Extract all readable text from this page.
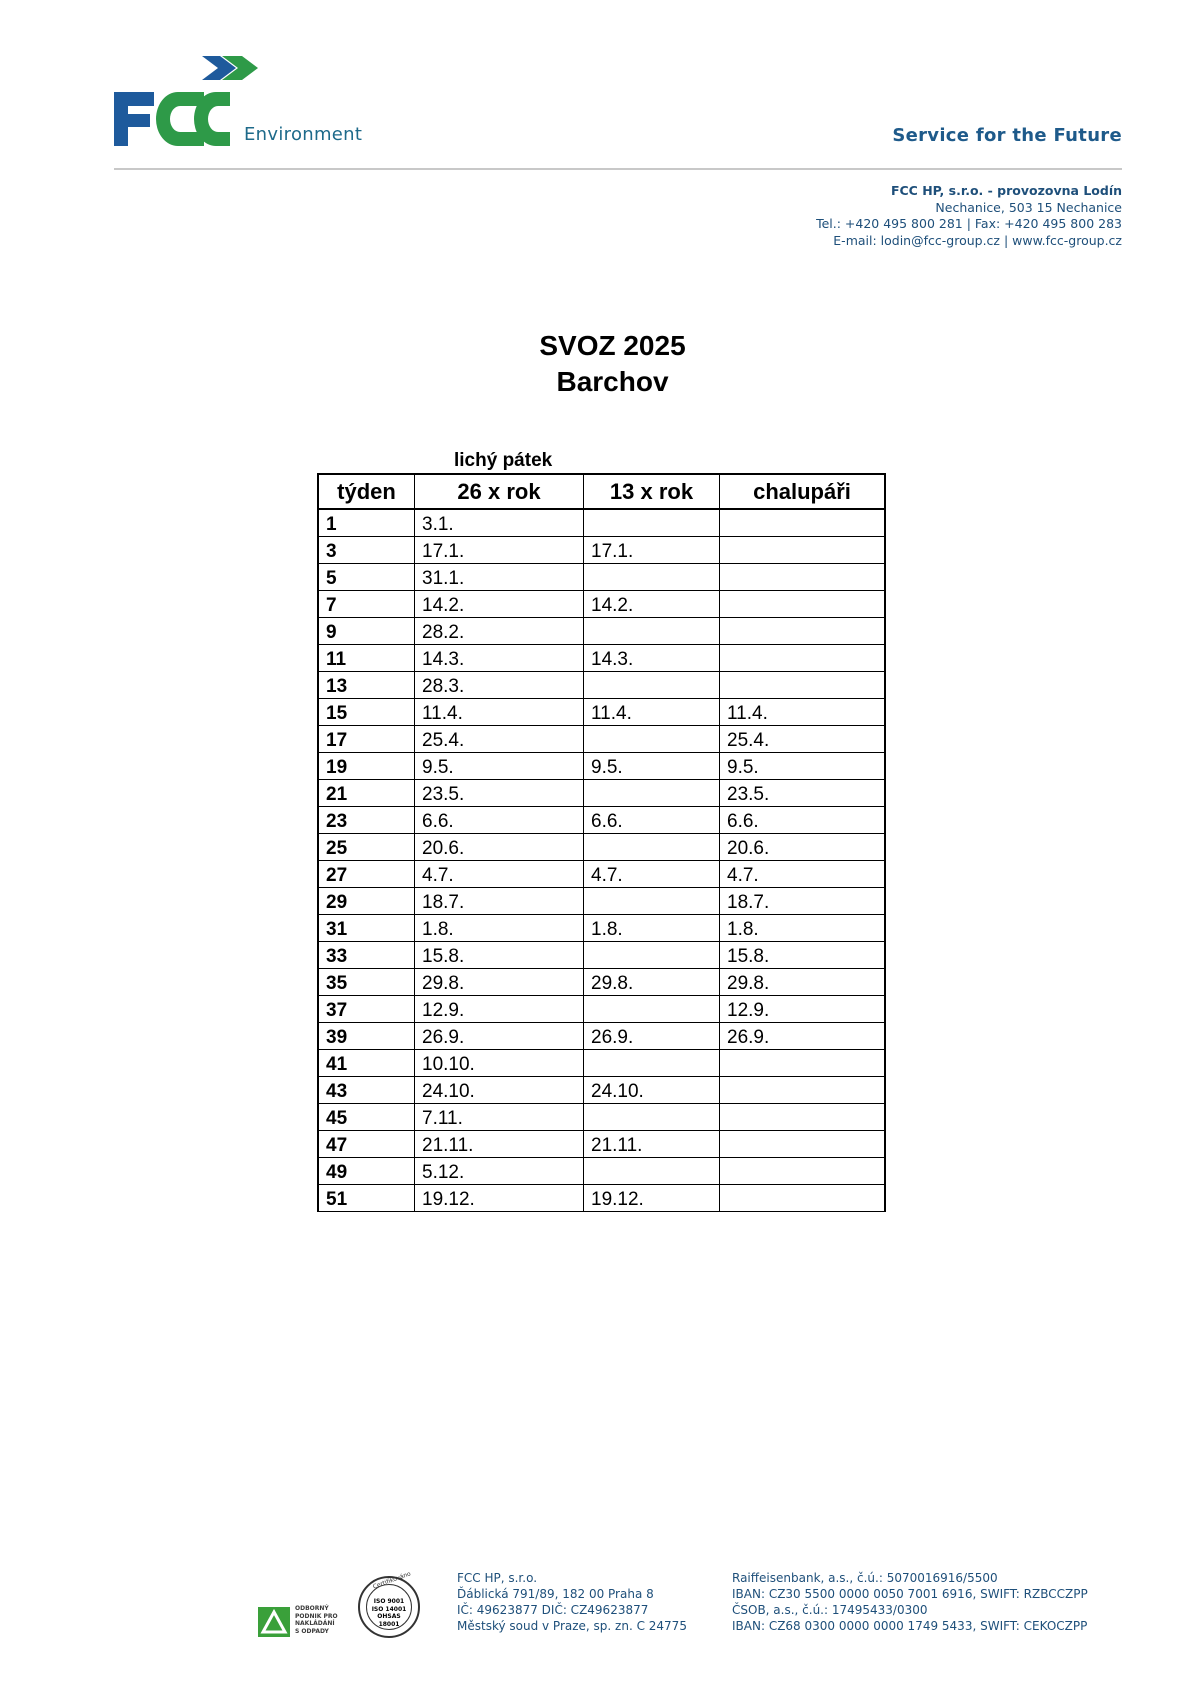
Environment	Service for the Future
FCC HP, s.r.o. - provozovna Lodín
Nechanice, 503 15 Nechanice
Tel.: +420 495 800 281 | Fax: +420 495 800 283
E-mail: lodin@fcc-group.cz | www.fcc-group.cz
SVOZ 2025
Barchov
lichý pátek
týden	26 x rok	13 x rok	chalupáři
1	3.1.		
3	17.1.	17.1.	
5	31.1.		
7	14.2.	14.2.	
9	28.2.		
11	14.3.	14.3.	
13	28.3.		
15	11.4.	11.4.	11.4.
17	25.4.		25.4.
19	9.5.	9.5.	9.5.
21	23.5.		23.5.
23	6.6.	6.6.	6.6.
25	20.6.		20.6.
27	4.7.	4.7.	4.7.
29	18.7.		18.7.
31	1.8.	1.8.	1.8.
33	15.8.		15.8.
35	29.8.	29.8.	29.8.
37	12.9.		12.9.
39	26.9.	26.9.	26.9.
41	10.10.		
43	24.10.	24.10.	
45	7.11.		
47	21.11.	21.11.	
49	5.12.		
51	19.12.	19.12.	
ODBORNÝ
PODNIK PRO
NAKLÁDÁNÍ
S ODPADY
Certifikováno
ISO 9001
ISO 14001
OHSAS 18001
FCC HP, s.r.o.
Ďáblická 791/89, 182 00 Praha 8
IČ: 49623877 DIČ: CZ49623877
Městský soud v Praze, sp. zn. C 24775
Raiffeisenbank, a.s., č.ú.: 5070016916/5500
IBAN: CZ30 5500 0000 0050 7001 6916, SWIFT: RZBCCZPP
ČSOB, a.s., č.ú.: 17495433/0300
IBAN: CZ68 0300 0000 0000 1749 5433, SWIFT: CEKOCZPP
